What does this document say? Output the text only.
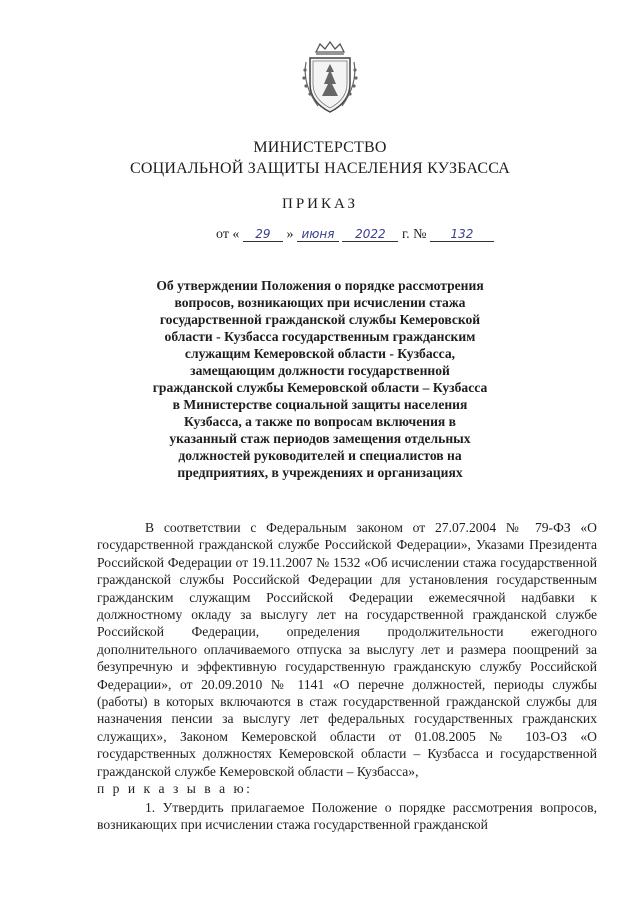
МИНИСТЕРСТВО
СОЦИАЛЬНОЙ ЗАЩИТЫ НАСЕЛЕНИЯ КУЗБАССА
ПРИКАЗ
от « 29 » июня 2022 г. № 132
Об утверждении Положения о порядке рассмотрения вопросов, возникающих при исчислении стажа государственной гражданской службы Кемеровской области - Кузбасса государственным гражданским служащим Кемеровской области - Кузбасса, замещающим должности государственной гражданской службы Кемеровской области – Кузбасса в Министерстве социальной защиты населения Кузбасса, а также по вопросам включения в указанный стаж периодов замещения отдельных должностей руководителей и специалистов на предприятиях, в учреждениях и организациях

В соответствии с Федеральным законом от 27.07.2004 № 79-ФЗ «О государственной гражданской службе Российской Федерации», Указами Президента Российской Федерации от 19.11.2007 № 1532 «Об исчислении стажа государственной гражданской службы Российской Федерации для установления государственным гражданским служащим Российской Федерации ежемесячной надбавки к должностному окладу за выслугу лет на государственной гражданской службе Российской Федерации, определения продолжительности ежегодного дополнительного оплачиваемого отпуска за выслугу лет и размера поощрений за безупречную и эффективную государственную гражданскую службу Российской Федерации», от 20.09.2010 № 1141 «О перечне должностей, периоды службы (работы) в которых включаются в стаж государственной гражданской службы для назначения пенсии за выслугу лет федеральных государственных гражданских служащих», Законом Кемеровской области от 01.08.2005 № 103-ОЗ «О государственных должностях Кемеровской области – Кузбасса и государственной гражданской службе Кемеровской области – Кузбасса»,

п р и к а з ы в а ю:

1. Утвердить прилагаемое Положение о порядке рассмотрения вопросов, возникающих при исчислении стажа государственной гражданской
